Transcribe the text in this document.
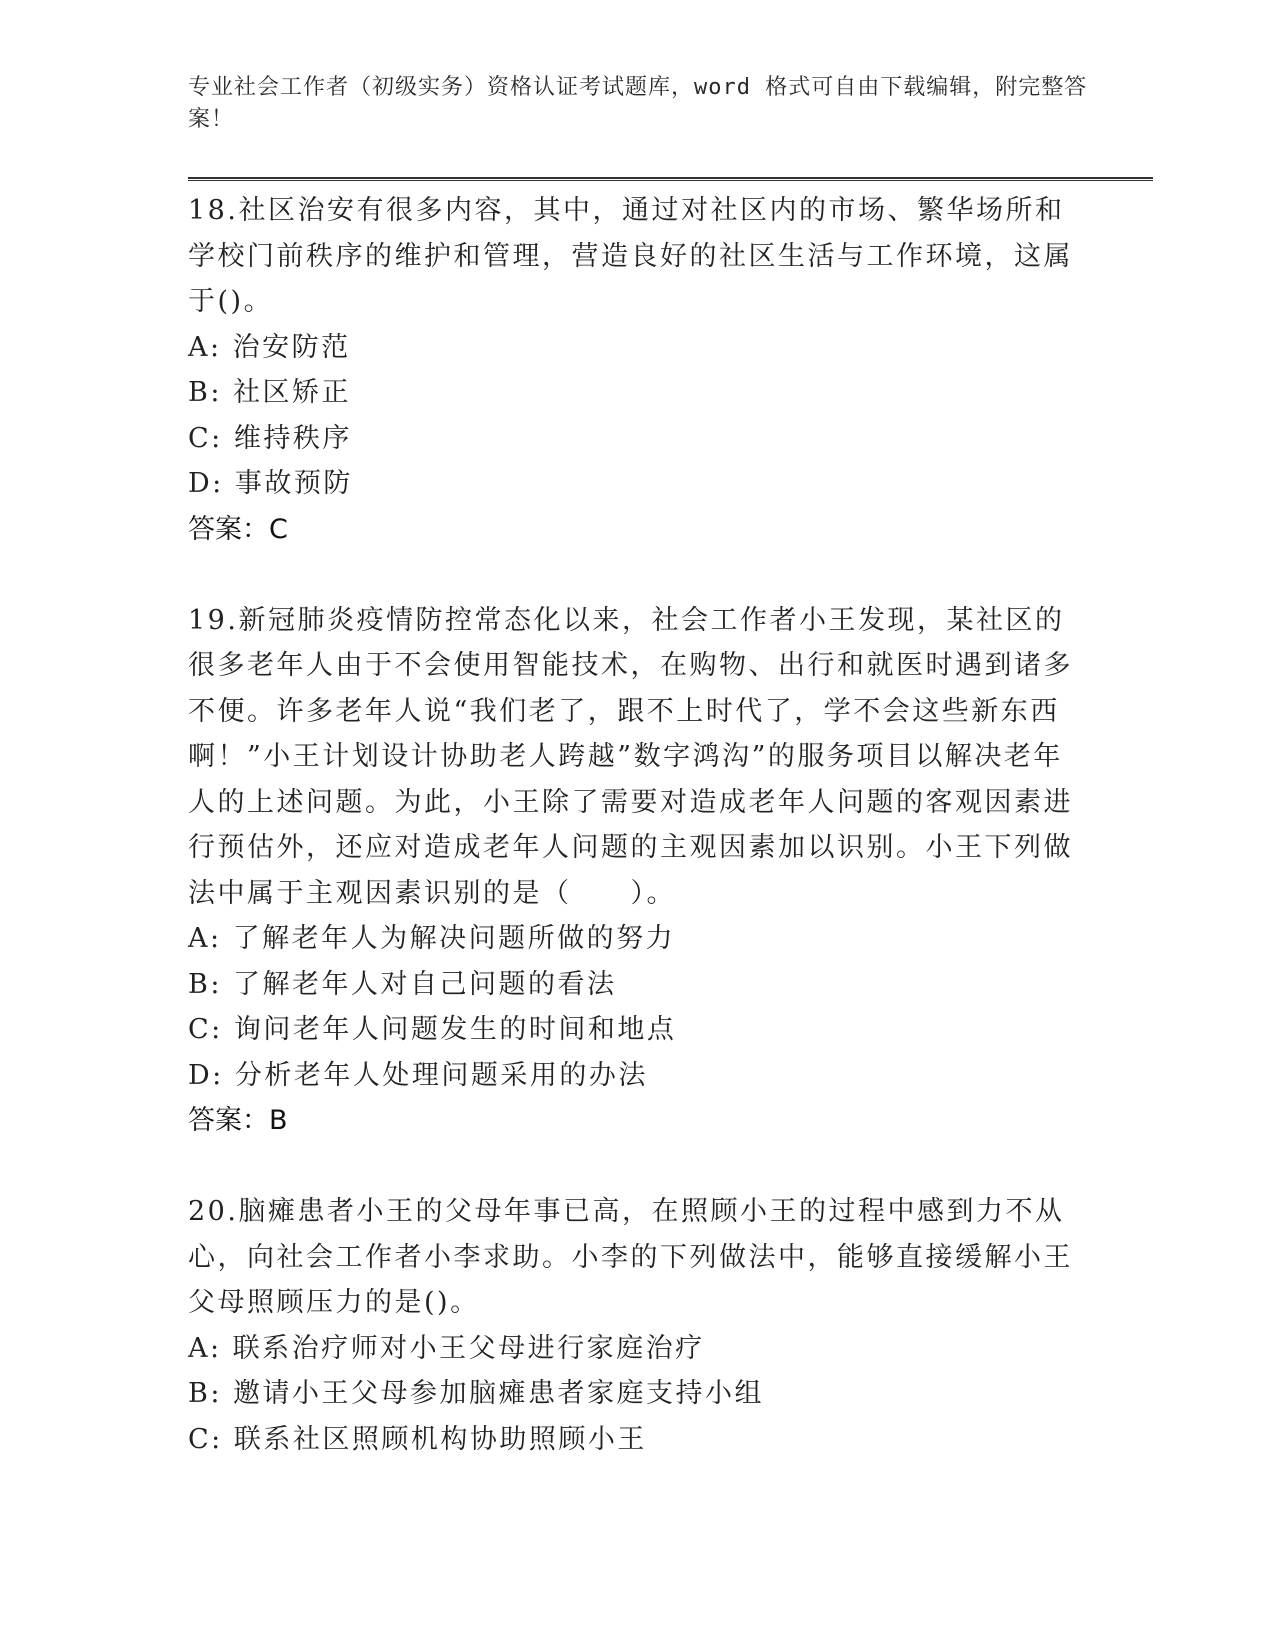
专业社会工作者（初级实务）资格认证考试题库，word 格式可自由下载编辑，附完整答案！

18.社区治安有很多内容，其中，通过对社区内的市场、繁华场所和学校门前秩序的维护和管理，营造良好的社区生活与工作环境，这属于()。

A: 治安防范

B: 社区矫正

C: 维持秩序

D: 事故预防

答案：C

19.新冠肺炎疫情防控常态化以来，社会工作者小王发现，某社区的很多老年人由于不会使用智能技术，在购物、出行和就医时遇到诸多不便。许多老年人说“我们老了，跟不上时代了，学不会这些新东西啊！”小王计划设计协助老人跨越”数字鸿沟”的服务项目以解决老年人的上述问题。为此，小王除了需要对造成老年人问题的客观因素进行预估外，还应对造成老年人问题的主观因素加以识别。小王下列做法中属于主观因素识别的是（　　）。

A: 了解老年人为解决问题所做的努力

B: 了解老年人对自己问题的看法

C: 询问老年人问题发生的时间和地点

D: 分析老年人处理问题采用的办法

答案：B

20.脑瘫患者小王的父母年事已高，在照顾小王的过程中感到力不从心，向社会工作者小李求助。小李的下列做法中，能够直接缓解小王父母照顾压力的是()。

A: 联系治疗师对小王父母进行家庭治疗

B: 邀请小王父母参加脑瘫患者家庭支持小组

C: 联系社区照顾机构协助照顾小王
